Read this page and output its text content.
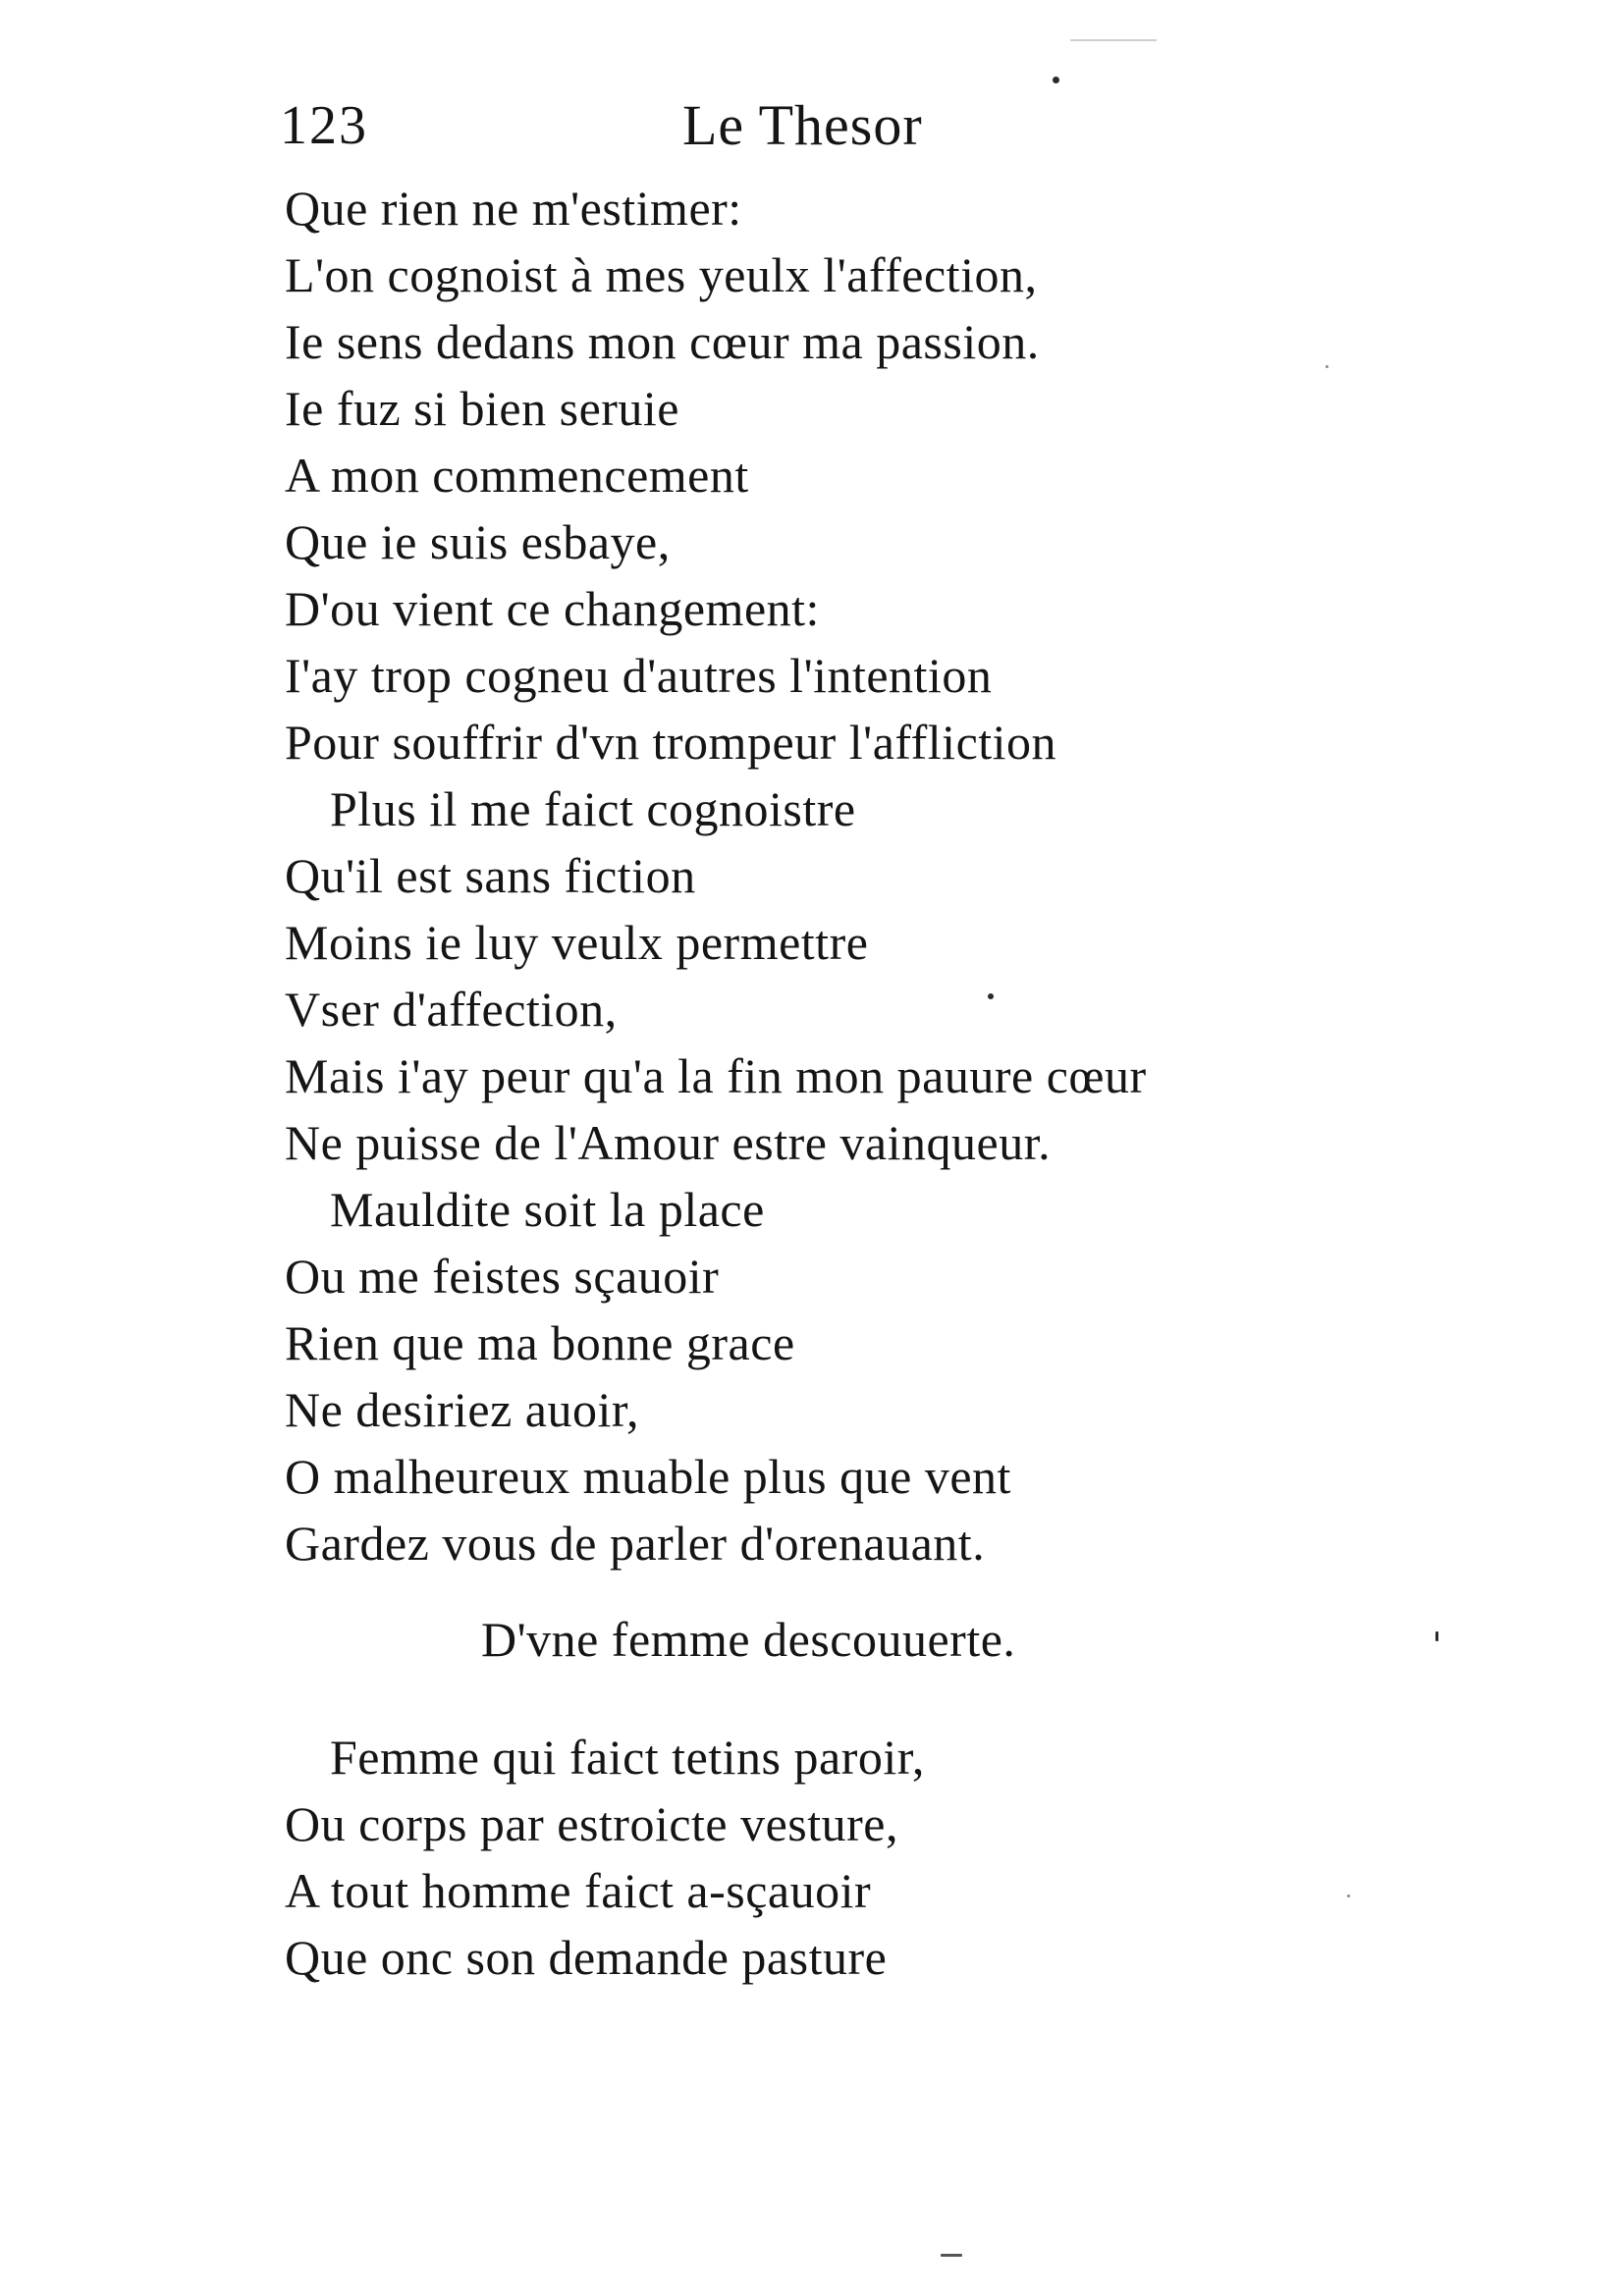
123	Le Thesor
Que rien ne m'estimer:
L'on cognoist à mes yeulx l'affection,
Ie sens dedans mon cœur ma passion.
Ie fuz si bien seruie
A mon commencement
Que ie suis esbaye,
D'ou vient ce changement:
I'ay trop cogneu d'autres l'intention
Pour souffrir d'vn trompeur l'affliction
Plus il me faict cognoistre
Qu'il est sans fiction
Moins ie luy veulx permettre
Vser d'affection,
Mais i'ay peur qu'a la fin mon pauure cœur
Ne puisse de l'Amour estre vainqueur.
Mauldite soit la place
Ou me feistes sçauoir
Rien que ma bonne grace
Ne desiriez auoir,
O malheureux muable plus que vent
Gardez vous de parler d'orenauant.
D'vne femme descouuerte.
Femme qui faict tetins paroir,
Ou corps par estroicte vesture,
A tout homme faict a-sçauoir
Que onc son demande pasture
